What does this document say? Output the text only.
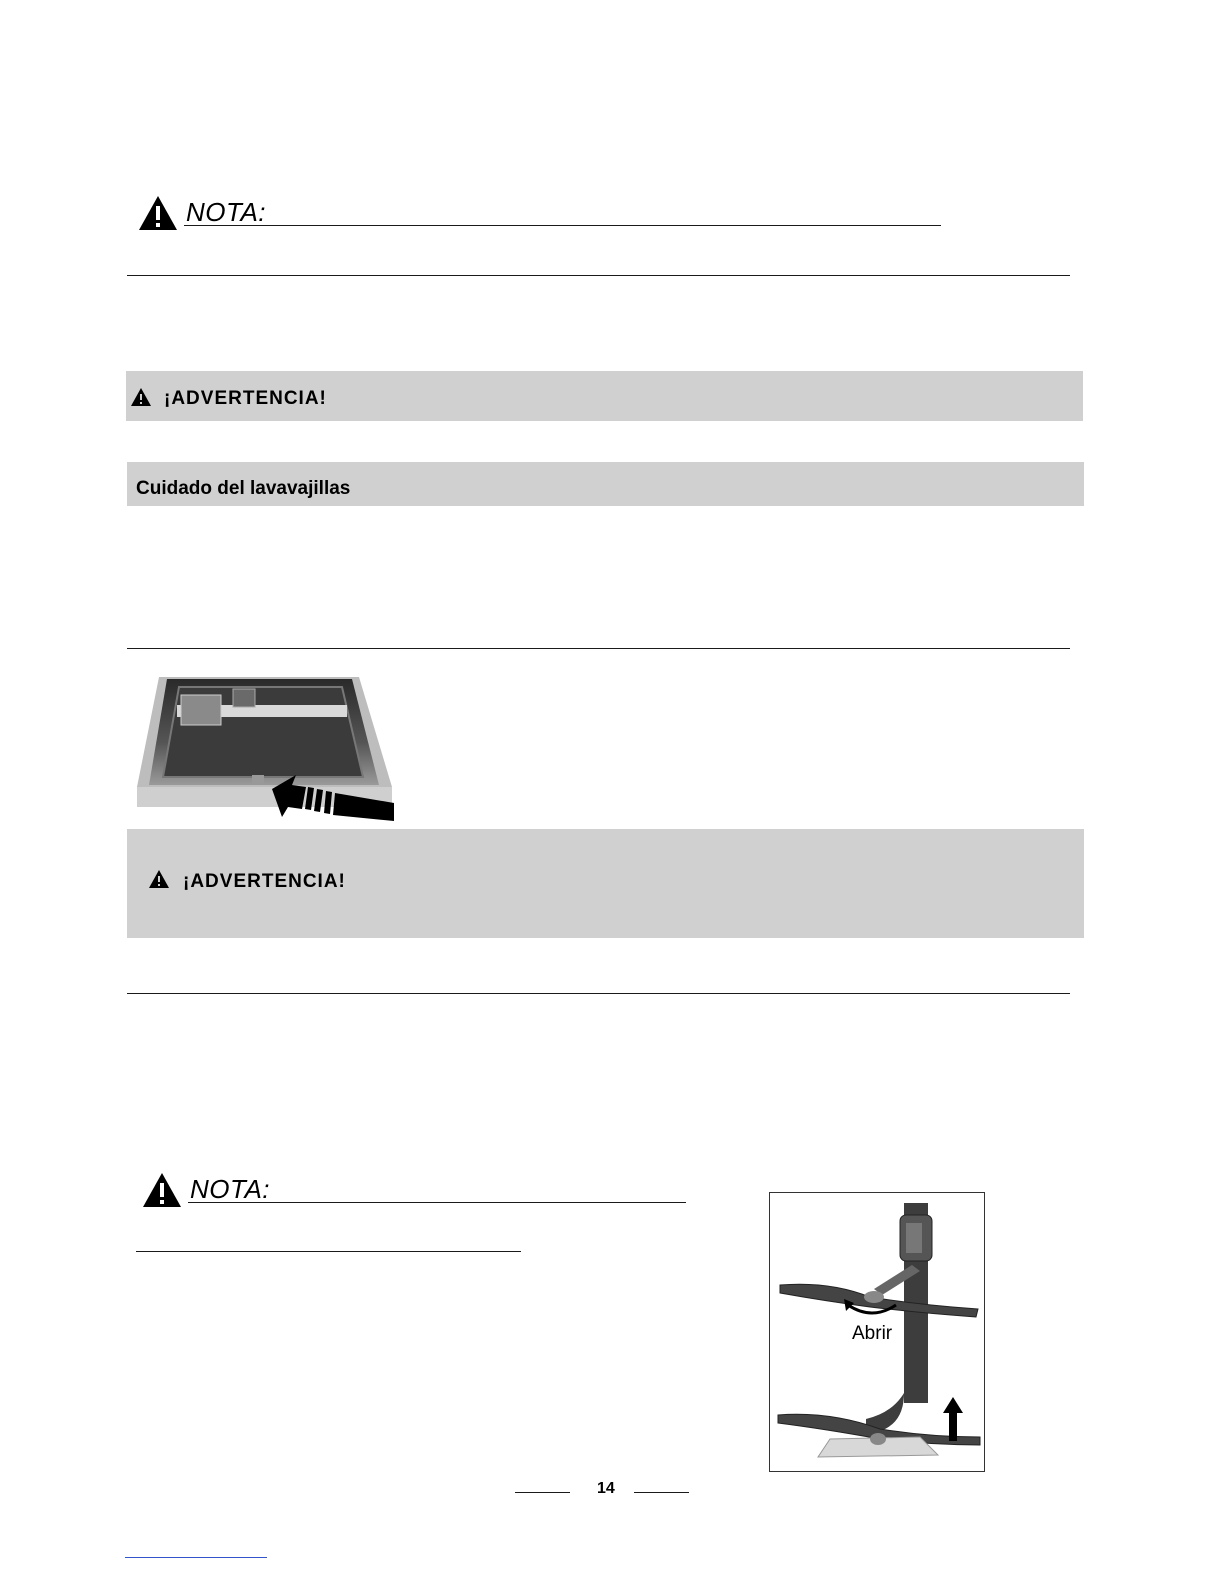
NOTA:
¡ADVERTENCIA!
Cuidado del lavavajillas
¡ADVERTENCIA!
NOTA:
Abrir
14
